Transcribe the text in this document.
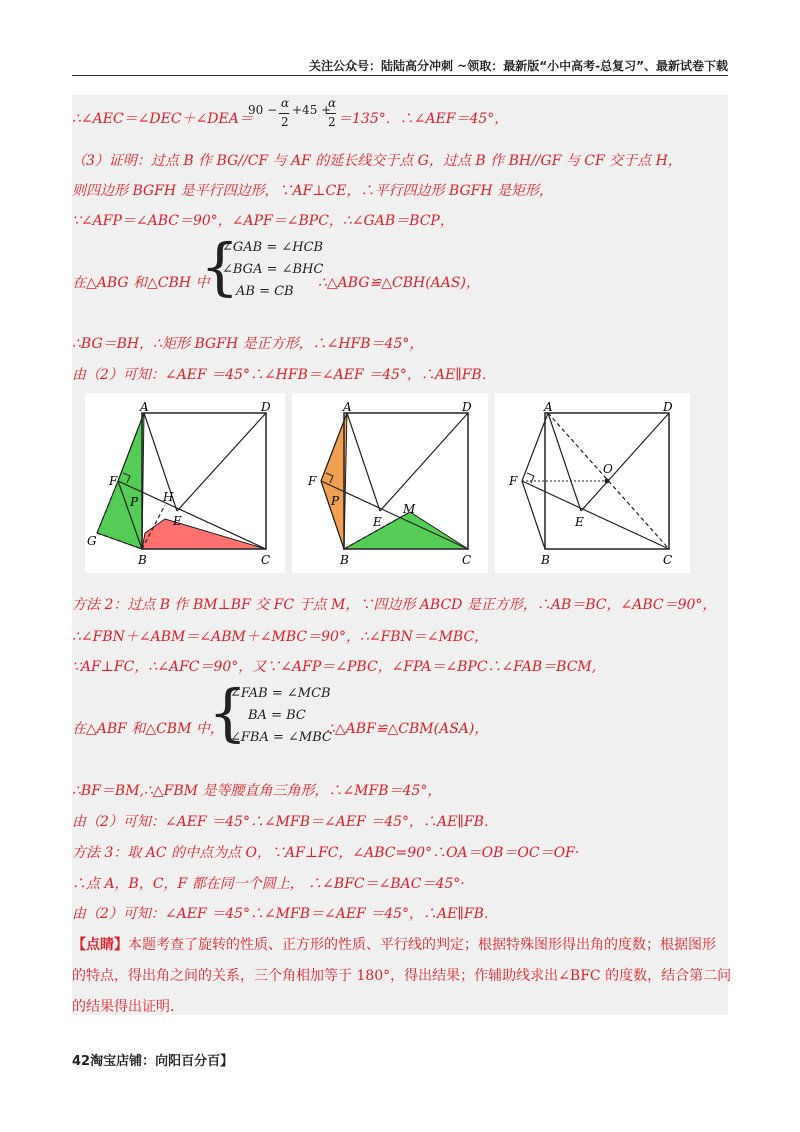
关注公众号：陆陆高分冲刺 ~领取：最新版“小中高考-总复习”、最新试卷下载
∴∠AEC＝∠DEC＋∠DEA＝
90 − α
2
+45 +
α
2 ＝135°．∴∠AEF＝45°，
（3）证明：过点 B 作 BG//CF 与 AF 的延长线交于点 G，过点 B 作 BH//GF 与 CF 交于点 H，
则四边形 BGFH 是平行四边形，∵AF⊥CE，∴平行四边形 BGFH 是矩形，
∵∠AFP＝∠ABC＝90°，∠APF＝∠BPC，∴∠GAB＝BCP，
在△ABG 和△CBH 中
{
∠GAB = ∠HCB
∠BGA = ∠BHC
AB = CB
∴△ABG≌△CBH(AAS)，
∴BG＝BH，∴矩形 BGFH 是正方形，∴∠HFB＝45°，
由（2）可知：∠AEF ＝45°∴∠HFB＝∠AEF ＝45°，∴AE∥FB．
A	D
F
P H
E
G
B	C
A	D
F
P
E
M
B	C
A	D
F
O
E
B	C
方法 2：过点 B 作 BM⊥BF 交 FC 于点 M，∵四边形 ABCD 是正方形，∴AB＝BC，∠ABC＝90°，
∴∠FBN＋∠ABM＝∠ABM＋∠MBC＝90°，∴∠FBN＝∠MBC，
∵AF⊥FC，∴∠AFC＝90°，又∵∠AFP＝∠PBC，∠FPA＝∠BPC∴∠FAB＝BCM,
在△ABF 和△CBM 中，
{
∠FAB = ∠MCB
BA = BC
∠FBA = ∠MBC
∴△ABF≌△CBM(ASA)，
∴BF＝BM,∴△FBM 是等腰直角三角形，∴∠MFB＝45°，
由（2）可知：∠AEF ＝45°∴∠MFB＝∠AEF ＝45°，∴AE∥FB．
方法 3：取 AC 的中点为点 O，∵AF⊥FC，∠ABC=90°∴OA＝OB＝OC＝OF·
∴点 A，B，C，F 都在同一个圆上， ∴∠BFC＝∠BAC＝45°·
由（2）可知：∠AEF ＝45°∴∠MFB＝∠AEF ＝45°，∴AE∥FB．
【点睛】本题考查了旋转的性质、正方形的性质、平行线的判定；根据特殊图形得出角的度数；根据图形
的特点，得出角之间的关系，三个角相加等于 180°，得出结果；作辅助线求出∠BFC 的度数，结合第二问
的结果得出证明．
42淘宝店铺：向阳百分百】
